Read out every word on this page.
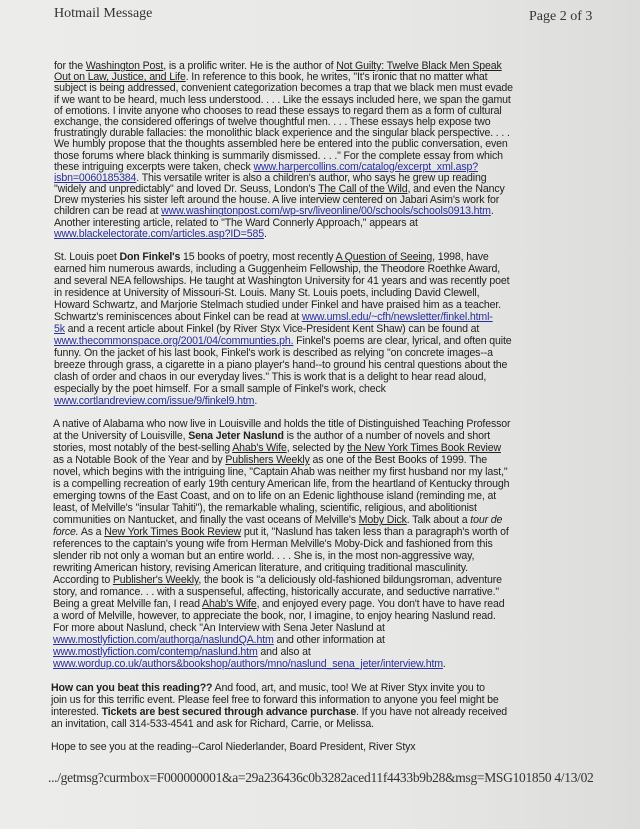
Hotmail Message	Page 2 of 3
for the Washington Post, is a prolific writer. He is the author of Not Guilty: Twelve Black Men Speak
Out on Law, Justice, and Life. In reference to this book, he writes, "It's ironic that no matter what
subject is being addressed, convenient categorization becomes a trap that we black men must evade
if we want to be heard, much less understood. . . . Like the essays included here, we span the gamut
of emotions. I invite anyone who chooses to read these essays to regard them as a form of cultural
exchange, the considered offerings of twelve thoughtful men. . . . These essays help expose two
frustratingly durable fallacies: the monolithic black experience and the singular black perspective. . . .
We humbly propose that the thoughts assembled here be entered into the public conversation, even
those forums where black thinking is summarily dismissed. . . ." For the complete essay from which
these intriguing excerpts were taken, check www.harpercollins.com/catalog/excerpt_xml.asp?
isbn=0060185384. This versatile writer is also a children's author, who says he grew up reading
"widely and unpredictably" and loved Dr. Seuss, London's The Call of the Wild, and even the Nancy
Drew mysteries his sister left around the house. A live interview centered on Jabari Asim's work for
children can be read at www.washingtonpost.com/wp-srv/liveonline/00/schools/schools0913.htm.
Another interesting article, related to "The Ward Connerly Approach," appears at
www.blackelectorate.com/articles.asp?ID=585.
St. Louis poet Don Finkel's 15 books of poetry, most recently A Question of Seeing, 1998, have
earned him numerous awards, including a Guggenheim Fellowship, the Theodore Roethke Award,
and several NEA fellowships. He taught at Washington University for 41 years and was recently poet
in residence at University of Missouri-St. Louis. Many St. Louis poets, including David Clewell,
Howard Schwartz, and Marjorie Stelmach studied under Finkel and have praised him as a teacher.
Schwartz's reminiscences about Finkel can be read at www.umsl.edu/~cfh/newsletter/finkel.html-
5k and a recent article about Finkel (by River Styx Vice-President Kent Shaw) can be found at
www.thecommonspace.org/2001/04/communties.ph. Finkel's poems are clear, lyrical, and often quite
funny. On the jacket of his last book, Finkel's work is described as relying "on concrete images--a
breeze through grass, a cigarette in a piano player's hand--to ground his central questions about the
clash of order and chaos in our everyday lives." This is work that is a delight to hear read aloud,
especially by the poet himself. For a small sample of Finkel's work, check
www.cortlandreview.com/issue/9/finkel9.htm.
A native of Alabama who now live in Louisville and holds the title of Distinguished Teaching Professor
at the University of Louisville, Sena Jeter Naslund is the author of a number of novels and short
stories, most notably of the best-selling Ahab's Wife, selected by the New York Times Book Review
as a Notable Book of the Year and by Publishers Weekly as one of the Best Books of 1999. The
novel, which begins with the intriguing line, "Captain Ahab was neither my first husband nor my last,"
is a compelling recreation of early 19th century American life, from the heartland of Kentucky through
emerging towns of the East Coast, and on to life on an Edenic lighthouse island (reminding me, at
least, of Melville's "insular Tahiti"), the remarkable whaling, scientific, religious, and abolitionist
communities on Nantucket, and finally the vast oceans of Melville's Moby Dick. Talk about a tour de
force. As a New York Times Book Review put it, "Naslund has taken less than a paragraph's worth of
references to the captain's young wife from Herman Melville's Moby-Dick and fashioned from this
slender rib not only a woman but an entire world. . . . She is, in the most non-aggressive way,
rewriting American history, revising American literature, and critiquing traditional masculinity.
According to Publisher's Weekly, the book is "a deliciously old-fashioned bildungsroman, adventure
story, and romance. . . with a suspenseful, affecting, historically accurate, and seductive narrative."
Being a great Melville fan, I read Ahab's Wife, and enjoyed every page. You don't have to have read
a word of Melville, however, to appreciate the book, nor, I imagine, to enjoy hearing Naslund read.
For more about Naslund, check "An Interview with Sena Jeter Naslund at
www.mostlyfiction.com/authorqa/naslundQA.htm and other information at
www.mostlyfiction.com/contemp/naslund.htm and also at
www.wordup.co.uk/authors&bookshop/authors/mno/naslund_sena_jeter/interview.htm.
How can you beat this reading?? And food, art, and music, too! We at River Styx invite you to
join us for this terrific event. Please feel free to forward this information to anyone you feel might be
interested. Tickets are best secured through advance purchase. If you have not already received
an invitation, call 314-533-4541 and ask for Richard, Carrie, or Melissa.
Hope to see you at the reading--Carol Niederlander, Board President, River Styx
.../getmsg?curmbox=F000000001&a=29a236436c0b3282aced11f4433b9b28&msg=MSG101850 4/13/02
